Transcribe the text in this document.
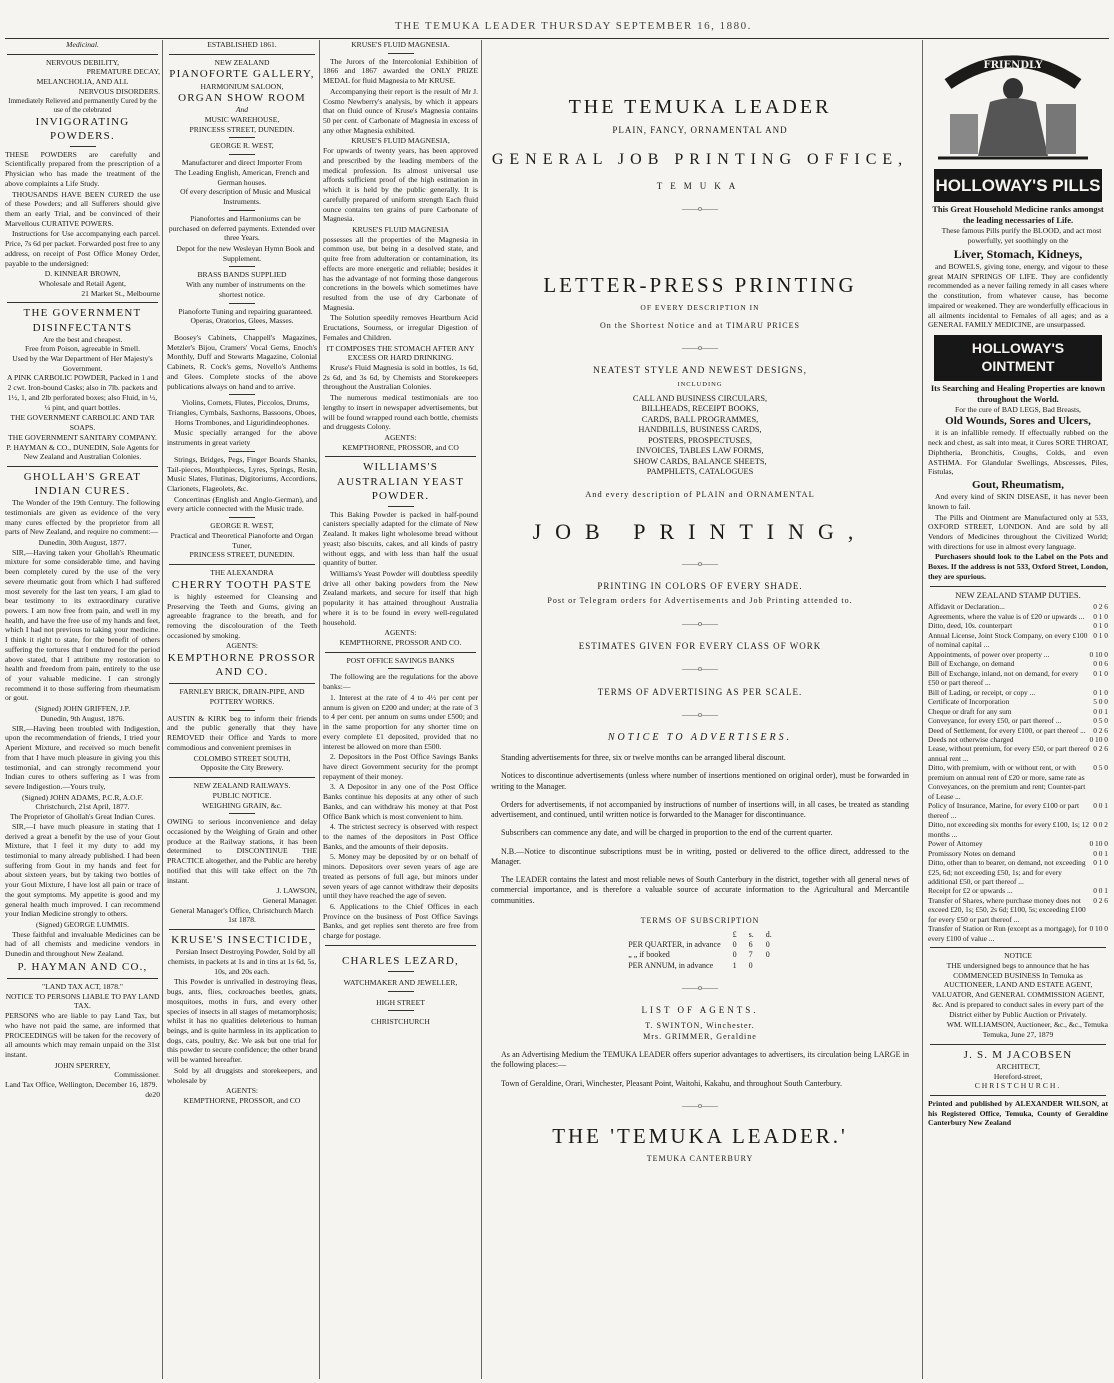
THE TEMUKA LEADER THURSDAY SEPTEMBER 16, 1880.
Medicinal.
NERVOUS DEBILITY,
PREMATURE DECAY,
MELANCHOLIA, AND ALL
NERVOUS DISORDERS.
Immediately Relieved and permanently Cured by the use of the celebrated
INVIGORATING POWDERS.

THESE POWDERS are carefully and Scientifically prepared from the prescription of a Physician who has made the treatment of the above complaints a Life Study.

THOUSANDS HAVE BEEN CURED the use of these Powders; and all Sufferers should give them an early Trial, and be convinced of their Marvellous CURATIVE POWERS.

Instructions for Use accompanying each parcel. Price, 7s 6d per packet. Forwarded post free to any address, on receipt of Post Office Money Order, payable to the undersigned:

D. KINNEAR BROWN,
Wholesale and Retail Agent,
21 Market St., Melbourne
THE GOVERNMENT DISINFECTANTS
Are the best and cheapest.
Free from Poison, agreeable in Smell.
Used by the War Department of Her Majesty's Government.

A PINK CARBOLIC POWDER, Packed in 1 and 2 cwt. Iron-bound Casks; also in 7lb. packets and 1½, 1, and 2lb perforated boxes; also Fluid, in ½, ¼ pint, and quart bottles.

THE GOVERNMENT CARBOLIC AND TAR SOAPS.
THE GOVERNMENT SANITARY COMPANY.
P. HAYMAN & CO., DUNEDIN, Sole Agents for New Zealand and Australian Colonies.
GHOLLAH'S GREAT INDIAN CURES.

The Wonder of the 19th Century. The following testimonials are given as evidence of the very many cures effected by the proprietor from all parts of New Zealand, and require no comment:—

Dunedin, 30th August, 1877.

SIR,—Having taken your Ghollah's Rheumatic mixture for some considerable time, and having been completely cured by the use of the very severe rheumatic gout from which I had suffered most severely for the last ten years, I am glad to bear testimony to its extraordinary curative powers. I am now free from pain, and well in my health, and have the free use of my hands and feet, which I had not previous to taking your medicine. I think it right to state, for the benefit of others suffering the tortures that I endured for the period above stated, that I attribute my restoration to health and freedom from pain, entirely to the use of your valuable medicine. I can strongly recommend it to those suffering from rheumatism or gout.

(Signed) JOHN GRIFFEN, J.P.
Dunedin, 9th August, 1876.

SIR,—Having been troubled with Indigestion, upon the recommendation of friends, I tried your Aperient Mixture, and received so much benefit from that I have much pleasure in giving you this testimonial, and can strongly recommend your Indian cures to others suffering as I was from severe Indigestion.—Yours truly,

(Signed) JOHN ADAMS, P.C.R, A.O.F.
Christchurch, 21st April, 1877.
The Proprietor of Ghollah's Great Indian Cures.

SIR,—I have much pleasure in stating that I derived a great a benefit by the use of your Gout Mixture, that I feel it my duty to add my testimonial to many already published. I had been suffering from Gout in my hands and feet for about sixteen years, but by taking two bottles of your Gout Mixture, I have lost all pain or trace of the gout symptoms. My appetite is good and my general health much improved. I can recommend your Indian Medicine strongly to others.

(Signed) GEORGE LUMMIS.

These faithful and invaluable Medicines can be had of all chemists and medicine vendors in Dunedin and throughout New Zealand.

P. HAYMAN AND CO.,
"LAND TAX ACT, 1878."
NOTICE TO PERSONS LIABLE TO PAY LAND TAX.

PERSONS who are liable to pay Land Tax, but who have not paid the same, are informed that PROCEEDINGS will be taken for the recovery of all amounts which may remain unpaid on the 31st instant.

JOHN SPERREY,
Commissioner.
Land Tax Office, Wellington, December 16, 1879.
de20
ESTABLISHED 1861.
NEW ZEALAND
PIANOFORTE GALLERY,
HARMONIUM SALOON,
ORGAN SHOW ROOM
And
MUSIC WAREHOUSE,
PRINCESS STREET, DUNEDIN.
GEORGE R. WEST,
Manufacturer and direct Importer From
The Leading English, American, French and German houses.

Of every description of Music and Musical Instruments.

Pianofortes and Harmoniums can be purchased on deferred payments. Extended over three Years.

Depot for the new Wesleyan Hymn Book and Supplement.

BRASS BANDS SUPPLIED

With any number of instruments on the shortest notice.

Pianoforte Tuning and repairing guaranteed. Operas, Oratorios, Glees, Masses.

Boosey's Cabinets, Chappell's Magazines, Metzler's Bijou, Cramers' Vocal Gems, Enoch's Monthly, Duff and Stewarts Magazine, Colonial Cabinets, R. Cock's gems, Novello's Anthems and Glees. Complete stocks of the above publications always on hand and to arrive.

Violins, Cornets, Flutes, Piccolos, Drums, Triangles, Cymbals, Saxhorns, Bassoons, Oboes, Horns Trombones, and Liguridindeophones.

Music specially arranged for the above instruments in great variety

Strings, Bridges, Pegs, Finger Boards Shanks, Tail-pieces, Mouthpieces, Lyres, Springs, Resin, Music Slates, Flutinas, Digitoriums, Accordions, Clarionets, Flageolets, &c.

Concertinas (English and Anglo-German), and every article connected with the Music trade.

GEORGE R. WEST,
Practical and Theoretical Pianoforte and Organ Tuner,
PRINCESS STREET, DUNEDIN.
THE ALEXANDRA
CHERRY TOOTH PASTE

is highly esteemed for Cleansing and Preserving the Teeth and Gums, giving an agreeable fragrance to the breath, and for removing the discolouration of the Teeth occasioned by smoking.

AGENTS:
KEMPTHORNE PROSSOR AND CO.
FARNLEY BRICK, DRAIN-PIPE, AND POTTERY WORKS.

AUSTIN & KIRK beg to inform their friends and the public generally that they have REMOVED their Office and Yards to more commodious and convenient premises in

COLOMBO STREET SOUTH,
Opposite the City Brewery.
NEW ZEALAND RAILWAYS.
PUBLIC NOTICE.
WEIGHING GRAIN, &c.

OWING to serious inconvenience and delay occasioned by the Weighing of Grain and other produce at the Railway stations, it has been determined to DISCONTINUE THE PRACTICE altogether, and the Public are hereby notified that this will take effect on the 7th instant.

J. LAWSON,
General Manager.
General Manager's Office, Christchurch March 1st 1878.
KRUSE'S INSECTICIDE,

Persian Insect Destroying Powder, Sold by all chemists, in packets at 1s and in tins at 1s 6d, 5s, 10s, and 20s each.

This Powder is unrivalled in destroying fleas, bugs, ants, flies, cockroaches beetles, gnats, mosquitoes, moths in furs, and every other species of insects in all stages of metamorphosis; whilst it has no qualities deleterious to human beings, and is quite harmless in its application to dogs, cats, poultry, &c. We ask but one trial for this powder to secure confidence; the other brand will be wanted hereafter.

Sold by all druggists and storekeepers, and wholesale by

AGENTS:
KEMPTHORNE, PROSSOR, and CO
KRUSE'S FLUID MAGNESIA.

The Jurors of the Intercolonial Exhibition of 1866 and 1867 awarded the ONLY PRIZE MEDAL for fluid Magnesia to Mr KRUSE.

Accompanying their report is the result of Mr J. Cosmo Newberry's analysis, by which it appears that on fluid ounce of Kruse's Magnesia contains 50 per cent. of Carbonate of Magnesia in excess of any other Magnesia exhibited.

KRUSE'S FLUID MAGNESIA,

For upwards of twenty years, has been approved and prescribed by the leading members of the medical profession. Its almost universal use affords sufficient proof of the high estimation in which it is held by the public generally. It is carefully prepared of uniform strength Each fluid ounce contains ten grains of pure Carbonate of Magnesia.

KRUSE'S FLUID MAGNESIA

possesses all the properties of the Magnesia in common use, but being in a desolved state, and quite free from adulteration or contamination, its effects are more energetic and reliable; besides it has the advantage of not forming those dangerous concretions in the bowels which sometimes have resulted from the use of dry Carbonate of Magnesia.

The Solution speedily removes Heartburn Acid Eructations, Sourness, or irregular Digestion of Females and Children.

IT COMPOSES THE STOMACH AFTER ANY EXCESS OR HARD DRINKING.

Kruse's Fluid Magnesia is sold in bottles, 1s 6d, 2s 6d, and 3s 6d, by Chemists and Storekeepers throughout the Australian Colonies.

The numerous medical testimonials are too lengthy to insert in newspaper advertisements, but will be found wrapped round each bottle, chemists and druggests Colony.

AGENTS:
KEMPTHORNE, PROSSOR, and CO
WILLIAMS'S AUSTRALIAN YEAST POWDER.

This Baking Powder is packed in half-pound canisters specially adapted for the climate of New Zealand. It makes light wholesome bread without yeast; also biscuits, cakes, and all kinds of pastry without eggs, and with less than half the usual quantity of butter.

Williams's Yeast Powder will doubtless speedily drive all other baking powders from the New Zealand markets, and secure for itself that high popularity it has attained throughout Australia where it is to be found in every well-regulated household.

AGENTS:
KEMPTHORNE, PROSSOR AND CO.
POST OFFICE SAVINGS BANKS

The following are the regulations for the above banks:—

1. Interest at the rate of 4 to 4½ per cent per annum is given on £200 and under; at the rate of 3 to 4 per cent. per annum on sums under £500; and in the same proportion for any shorter time on every complete £1 deposited, provided that no interest be allowed on more than £500.

2. Depositors in the Post Office Savings Banks have direct Government security for the prompt repayment of their money.

3. A Depositor in any one of the Post Office Banks continue his deposits at any other of such Banks, and can withdraw his money at that Post Office Bank which is most convenient to him.

4. The strictest secrecy is observed with respect to the names of the depositors in Post Office Banks, and the amounts of their deposits.

5. Money may be deposited by or on behalf of minors. Depositors over seven years of age are treated as persons of full age, but minors under seven years of age cannot withdraw their deposits until they have reached the age of seven.

6. Applications to the Chief Offices in each Province on the business of Post Office Savings Banks, and get replies sent thereto are free from charge for postage.

CHARLES LEZARD,
WATCHMAKER AND JEWELLER,
HIGH STREET
CHRISTCHURCH
THE TEMUKA LEADER
PLAIN, FANCY, ORNAMENTAL AND
GENERAL JOB PRINTING OFFICE,
TEMUKA
——o——
LETTER-PRESS PRINTING
OF EVERY DESCRIPTION IN
On the Shortest Notice and at TIMARU PRICES
——o——
NEATEST STYLE AND NEWEST DESIGNS,
INCLUDING
CALL AND BUSINESS CIRCULARS,
BILLHEADS, RECEIPT BOOKS,
CARDS, BALL PROGRAMMES,
HANDBILLS, BUSINESS CARDS,
POSTERS, PROSPECTUSES,
INVOICES, TABLES LAW FORMS,
SHOW CARDS, BALANCE SHEETS,
PAMPHLETS, CATALOGUES
And every description of PLAIN and ORNAMENTAL
JOB PRINTING,
——o——
PRINTING IN COLORS OF EVERY SHADE.
Post or Telegram orders for Advertisements and Job Printing attended to.
——o——
ESTIMATES GIVEN FOR EVERY CLASS OF WORK
——o——
TERMS OF ADVERTISING AS PER SCALE.
——o——
NOTICE TO ADVERTISERS.
Standing advertisements for three, six or twelve months can be arranged liberal discount.
Notices to discontinue advertisements (unless where number of insertions mentioned on original order), must be forwarded in writing to the Manager.
Orders for advertisements, if not accompanied by instructions of number of insertions will, in all cases, be treated as standing advertisement, and continued, until written notice is forwarded to the Manager for discontinuance.
Subscribers can commence any date, and will be charged in proportion to the end of the current quarter.
N.B.—Notice to discontinue subscriptions must be in writing, posted or delivered to the office direct, addressed to the Manager.
The LEADER contains the latest and most reliable news of South Canterbury in the district, together with all general news of commercial importance, and is therefore a valuable source of accurate information to the Agricultural and Mercantile communities.
TERMS OF SUBSCRIPTION
	£	s.	d.
PER QUARTER, in advance	0	6	0
„ „ if booked	0	7	0
PER ANNUM, in advance	1	0	
——o——
LIST OF AGENTS.
T. SWINTON, Winchester.
Mrs. GRIMMER, Geraldine
As an Advertising Medium the TEMUKA LEADER offers superior advantages to advertisers, its circulation being LARGE in the following places:—
Town of Geraldine, Orari, Winchester, Pleasant Point, Waitohi, Kakahu, and throughout South Canterbury.
——o——
THE 'TEMUKA LEADER.'
TEMUKA CANTERBURY
FRIENDLY
HOLLOWAY'S PILLS
This Great Household Medicine ranks amongst the leading necessaries of Life.

These famous Pills purify the BLOOD, and act most powerfully, yet soothingly on the

Liver, Stomach, Kidneys,

and BOWELS, giving tone, energy, and vigour to these great MAIN SPRINGS OF LIFE. They are confidently recommended as a never failing remedy in all cases where the constitution, from whatever cause, has become impaired or weakened. They are wonderfully efficacious in all ailments incidental to Females of all ages; and as a GENERAL FAMILY MEDICINE, are unsurpassed.

HOLLOWAY'S OINTMENT
Its Searching and Healing Properties are known throughout the World.
For the cure of BAD LEGS, Bad Breasts,
Old Wounds, Sores and Ulcers,

it is an infallible remedy. If effectually rubbed on the neck and chest, as salt into meat, it Cures SORE THROAT, Diphtheria, Bronchitis, Coughs, Colds, and even ASTHMA. For Glandular Swellings, Abscesses, Piles, Fistulas,

Gout, Rheumatism,

And every kind of SKIN DISEASE, it has never been known to fail.

The Pills and Ointment are Manufactured only at 533, OXFORD STREET, LONDON. And are sold by all Vendors of Medicines throughout the Civilized World; with directions for use in almost every language.

Purchasers should look to the Label on the Pots and Boxes. If the address is not 533, Oxford Street, London, they are spurious.

NEW ZEALAND STAMP DUTIES.
Affidavit or Declaration...	0 2 6
Agreements, where the value is of £20 or upwards ...	0 1 0
Ditto, deed, 10s. counterpart	0 1 0
Annual License, Joint Stock Company, on every £100 of nominal capital ...	0 1 0
Appointments, of power over property ...	0 10 0
Bill of Exchange, on demand	0 0 6
Bill of Exchange, inland, not on demand, for every £50 or part thereof ...	0 1 0
Bill of Lading, or receipt, or copy ...	0 1 0
Certificate of Incorporation	5 0 0
Cheque or draft for any sum	0 0 1
Conveyance, for every £50, or part thereof ...	0 5 0
Deed of Settlement, for every £100, or part thereof ...	0 2 6
Deeds not otherwise charged	0 10 0
Lease, without premium, for every £50, or part thereof annual rent ...	0 2 6
Ditto, with premium, with or without rent, or with premium on annual rent of £20 or more, same rate as Conveyances, on the premium and rent; Counter-part of Lease ...	0 5 0
Policy of Insurance, Marine, for every £100 or part thereof ...	0 0 1
Ditto, not exceeding six months for every £100, 1s; 12 months ...	0 0 2
Power of Attorney	0 10 0
Promissory Notes on demand	0 0 1
Ditto, other than to bearer, on demand, not exceeding £25, 6d; not exceeding £50, 1s; and for every additional £50, or part thereof ...	0 1 0
Receipt for £2 or upwards ...	0 0 1
Transfer of Shares, where purchase money does not exceed £20, 1s; £50, 2s 6d; £100, 5s; exceeding £100 for every £50 or part thereof ...	0 2 6
Transfer of Station or Run (except as a mortgage), for every £100 of value ...	0 10 0
NOTICE

THE undersigned begs to announce that he has COMMENCED BUSINESS In Temuka as AUCTIONEER, LAND AND ESTATE AGENT, VALUATOR, And GENERAL COMMISSION AGENT, &c. And is prepared to conduct sales in every part of the District either by Public Auction or Privately.

WM. WILLIAMSON, Auctioneer, &c., &c., Temuka
Temuka, June 27, 1879
J. S. M JACOBSEN
ARCHITECT,
Hereford-street,
CHRISTCHURCH.

Printed and published by ALEXANDER WILSON, at his Registered Office, Temuka, County of Geraldine Canterbury New Zealand
